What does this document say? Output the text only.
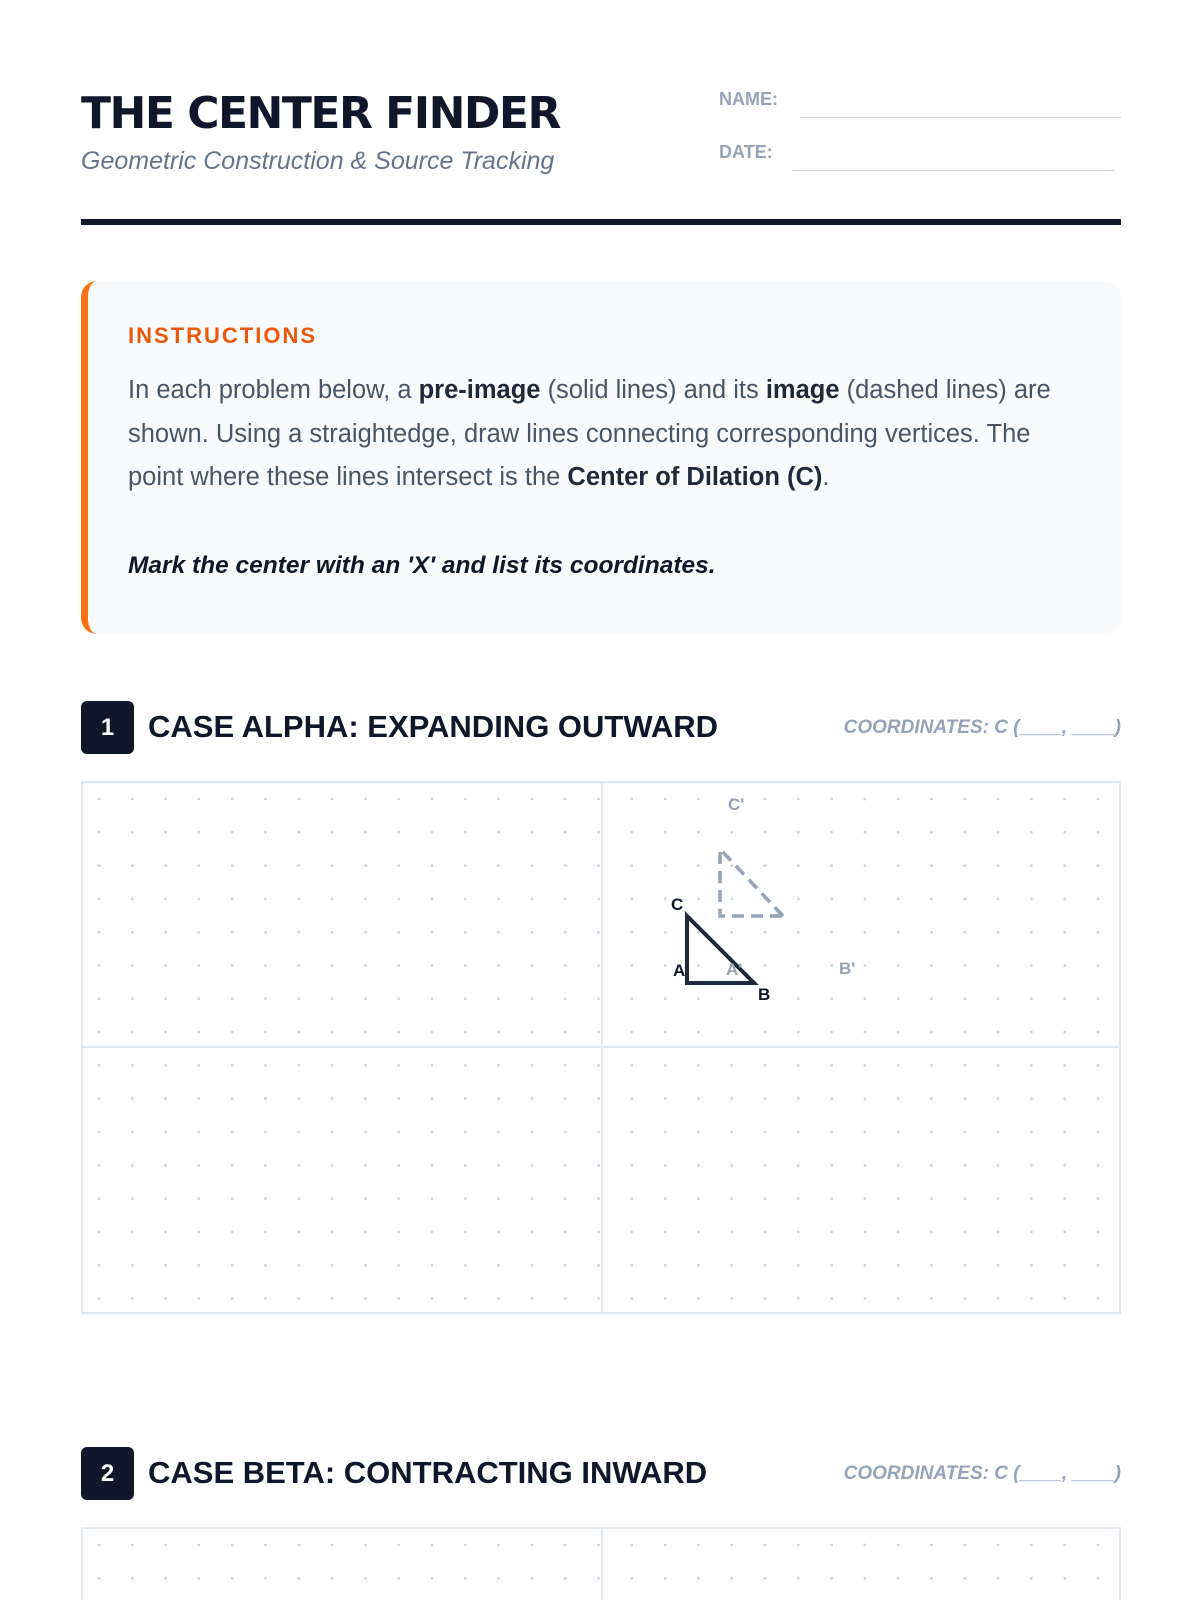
THE CENTER FINDER
Geometric Construction & Source Tracking
NAME:
DATE:
INSTRUCTIONS
In each problem below, a pre-image (solid lines) and its image (dashed lines) are shown. Using a straightedge, draw lines connecting corresponding vertices. The point where these lines intersect is the Center of Dilation (C).
Mark the center with an 'X' and list its coordinates.
1	CASE ALPHA: EXPANDING OUTWARD	COORDINATES: C (____, ____)
A
B
C
A'	B'
C'
2	CASE BETA: CONTRACTING INWARD	COORDINATES: C (____, ____)
